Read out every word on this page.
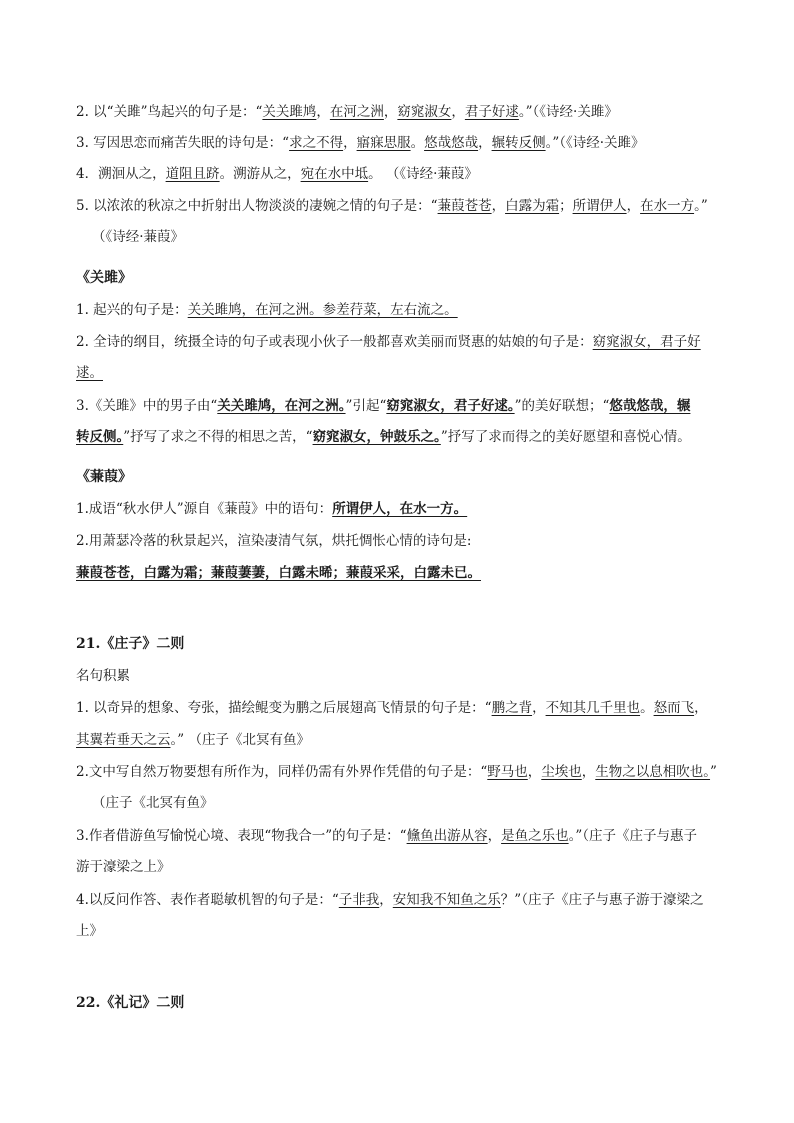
2. 以“关雎”鸟起兴的句子是：“关关雎鸠，在河之洲，窈窕淑女，君子好逑。”（《诗经·关雎》
3. 写因思恋而痛苦失眠的诗句是：“求之不得，寤寐思服。悠哉悠哉，辗转反侧。”（《诗经·关雎》
4．溯洄从之，道阻且跻。溯游从之，宛在水中坻。 （《诗经·蒹葭》
5. 以浓浓的秋凉之中折射出人物淡淡的凄婉之情的句子是：“蒹葭苍苍，白露为霜；所谓伊人，在水一方。”
（《诗经·蒹葭》
《关雎》
1. 起兴的句子是：关关雎鸠，在河之洲。参差荇菜，左右流之。
2. 全诗的纲目，统摄全诗的句子或表现小伙子一般都喜欢美丽而贤惠的姑娘的句子是：窈窕淑女，君子好
逑。
3.《关雎》中的男子由“关关雎鸠，在河之洲。”引起“窈窕淑女，君子好逑。”的美好联想；“悠哉悠哉，辗
转反侧。”抒写了求之不得的相思之苦，“窈窕淑女，钟鼓乐之。”抒写了求而得之的美好愿望和喜悦心情。
《蒹葭》
1.成语“秋水伊人”源自《蒹葭》中的语句：所谓伊人，在水一方。
2.用萧瑟冷落的秋景起兴，渲染凄清气氛，烘托惆怅心情的诗句是:
蒹葭苍苍，白露为霜；蒹葭萋萋，白露未晞；蒹葭采采，白露未已。
21.《庄子》二则
名句积累
1. 以奇异的想象、夸张，描绘鲲变为鹏之后展翅高飞情景的句子是：“鹏之背，不知其几千里也。怒而飞，
其翼若垂天之云。” （庄子《北冥有鱼》
2.文中写自然万物要想有所作为，同样仍需有外界作凭借的句子是：“野马也，尘埃也，生物之以息相吹也。”
（庄子《北冥有鱼》
3.作者借游鱼写愉悦心境、表现“物我合一”的句子是：“儵鱼出游从容，是鱼之乐也。”（庄子《庄子与惠子
游于濠梁之上》
4.以反问作答、表作者聪敏机智的句子是：“子非我，安知我不知鱼之乐？”（庄子《庄子与惠子游于濠梁之
上》
22.《礼记》二则
